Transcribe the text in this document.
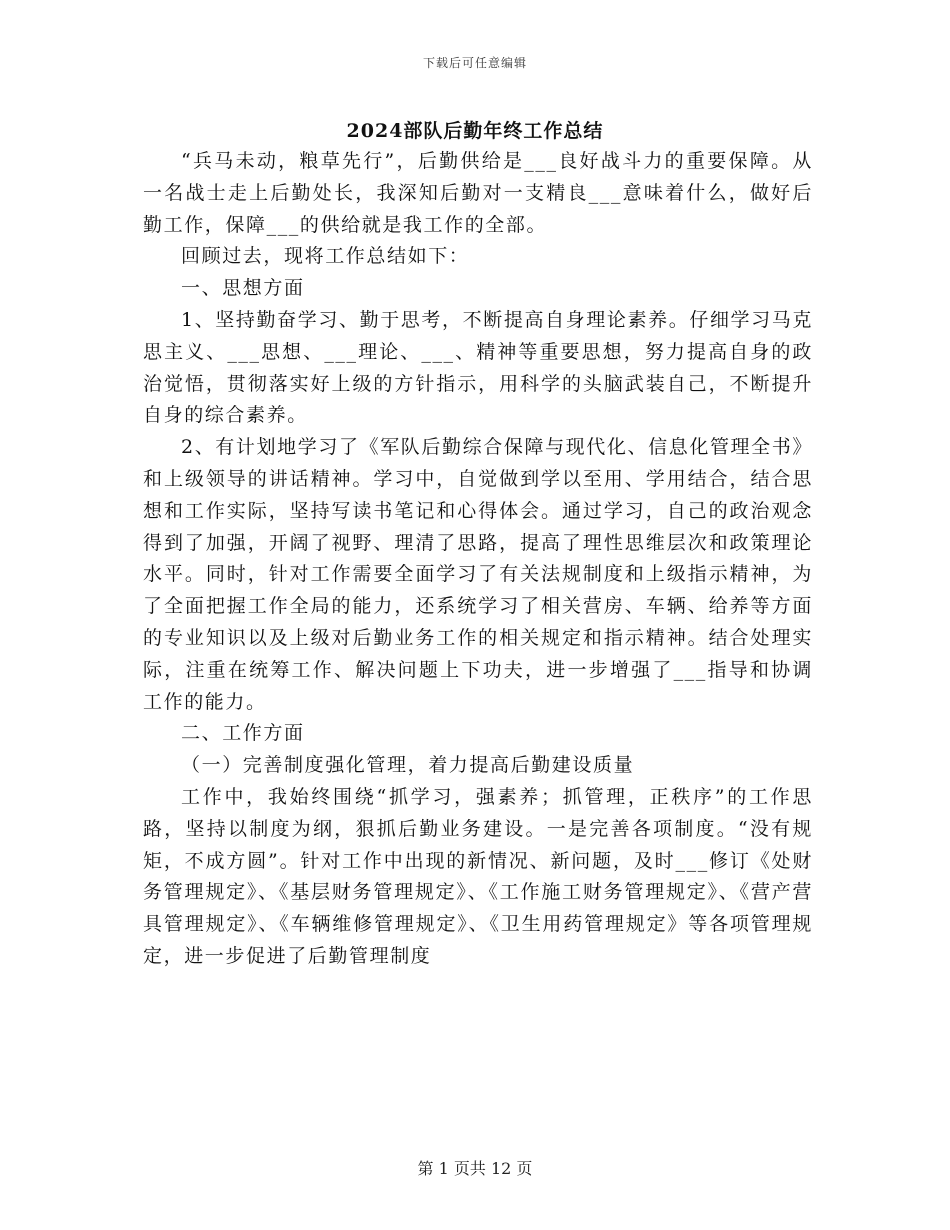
下载后可任意编辑
2024部队后勤年终工作总结

“兵马未动，粮草先行”，后勤供给是___良好战斗力的重要保障。从一名战士走上后勤处长，我深知后勤对一支精良___意味着什么，做好后勤工作，保障___的供给就是我工作的全部。

回顾过去，现将工作总结如下：

一、思想方面

1、坚持勤奋学习、勤于思考，不断提高自身理论素养。仔细学习马克思主义、___思想、___理论、___、精神等重要思想，努力提高自身的政治觉悟，贯彻落实好上级的方针指示，用科学的头脑武装自己，不断提升自身的综合素养。

2、有计划地学习了《军队后勤综合保障与现代化、信息化管理全书》和上级领导的讲话精神。学习中，自觉做到学以至用、学用结合，结合思想和工作实际，坚持写读书笔记和心得体会。通过学习，自己的政治观念得到了加强，开阔了视野、理清了思路，提高了理性思维层次和政策理论水平。同时，针对工作需要全面学习了有关法规制度和上级指示精神，为了全面把握工作全局的能力，还系统学习了相关营房、车辆、给养等方面的专业知识以及上级对后勤业务工作的相关规定和指示精神。结合处理实际，注重在统筹工作、解决问题上下功夫，进一步增强了___指导和协调工作的能力。

二、工作方面

（一）完善制度强化管理，着力提高后勤建设质量

工作中，我始终围绕“抓学习，强素养；抓管理，正秩序”的工作思路，坚持以制度为纲，狠抓后勤业务建设。一是完善各项制度。“没有规矩，不成方圆”。针对工作中出现的新情况、新问题，及时___修订《处财务管理规定》、《基层财务管理规定》、《工作施工财务管理规定》、《营产营具管理规定》、《车辆维修管理规定》、《卫生用药管理规定》等各项管理规定，进一步促进了后勤管理制度

第 1 页共 12 页
